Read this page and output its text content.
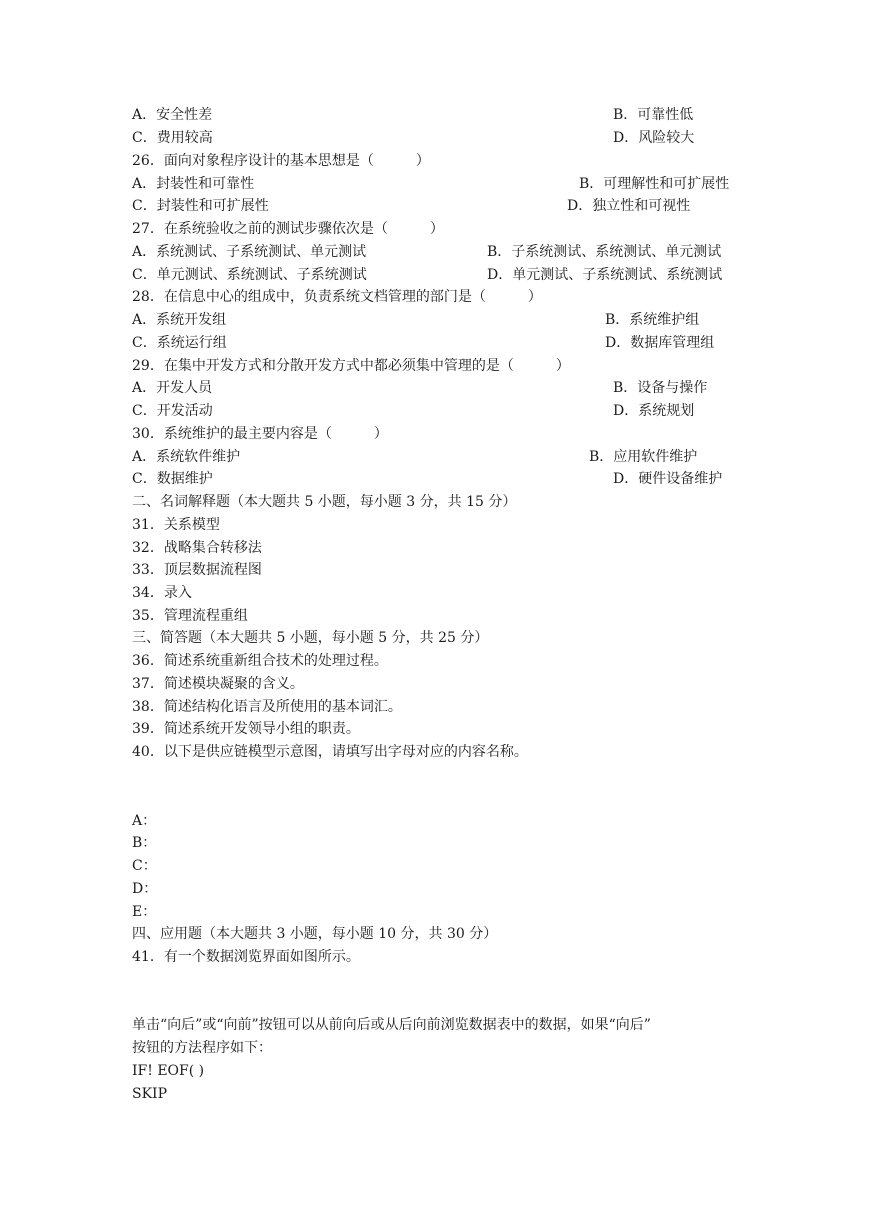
A．安全性差	B．可靠性低
C．费用较高	D．风险较大
26．面向对象程序设计的基本思想是（　　　）
A．封装性和可靠性	B．可理解性和可扩展性
C．封装性和可扩展性	D．独立性和可视性
27．在系统验收之前的测试步骤依次是（　　　）
A．系统测试、子系统测试、单元测试	B．子系统测试、系统测试、单元测试
C．单元测试、系统测试、子系统测试	D．单元测试、子系统测试、系统测试
28．在信息中心的组成中，负责系统文档管理的部门是（　　　）
A．系统开发组	B．系统维护组
C．系统运行组	D．数据库管理组
29．在集中开发方式和分散开发方式中都必须集中管理的是（　　　）
A．开发人员	B．设备与操作
C．开发活动	D．系统规划
30．系统维护的最主要内容是（　　　）
A．系统软件维护	B．应用软件维护
C．数据维护	D．硬件设备维护
二、名词解释题（本大题共 5 小题，每小题 3 分，共 15 分）
31．关系模型
32．战略集合转移法
33．顶层数据流程图
34．录入
35．管理流程重组
三、简答题（本大题共 5 小题，每小题 5 分，共 25 分）
36．简述系统重新组合技术的处理过程。
37．简述模块凝聚的含义。
38．简述结构化语言及所使用的基本词汇。
39．简述系统开发领导小组的职责。
40．以下是供应链模型示意图，请填写出字母对应的内容名称。
A：
B：
C：
D：
E：
四、应用题（本大题共 3 小题，每小题 10 分，共 30 分）
41．有一个数据浏览界面如图所示。
单击“向后”或“向前”按钮可以从前向后或从后向前浏览数据表中的数据，如果“向后”
按钮的方法程序如下：
IF! EOF( )
SKIP
